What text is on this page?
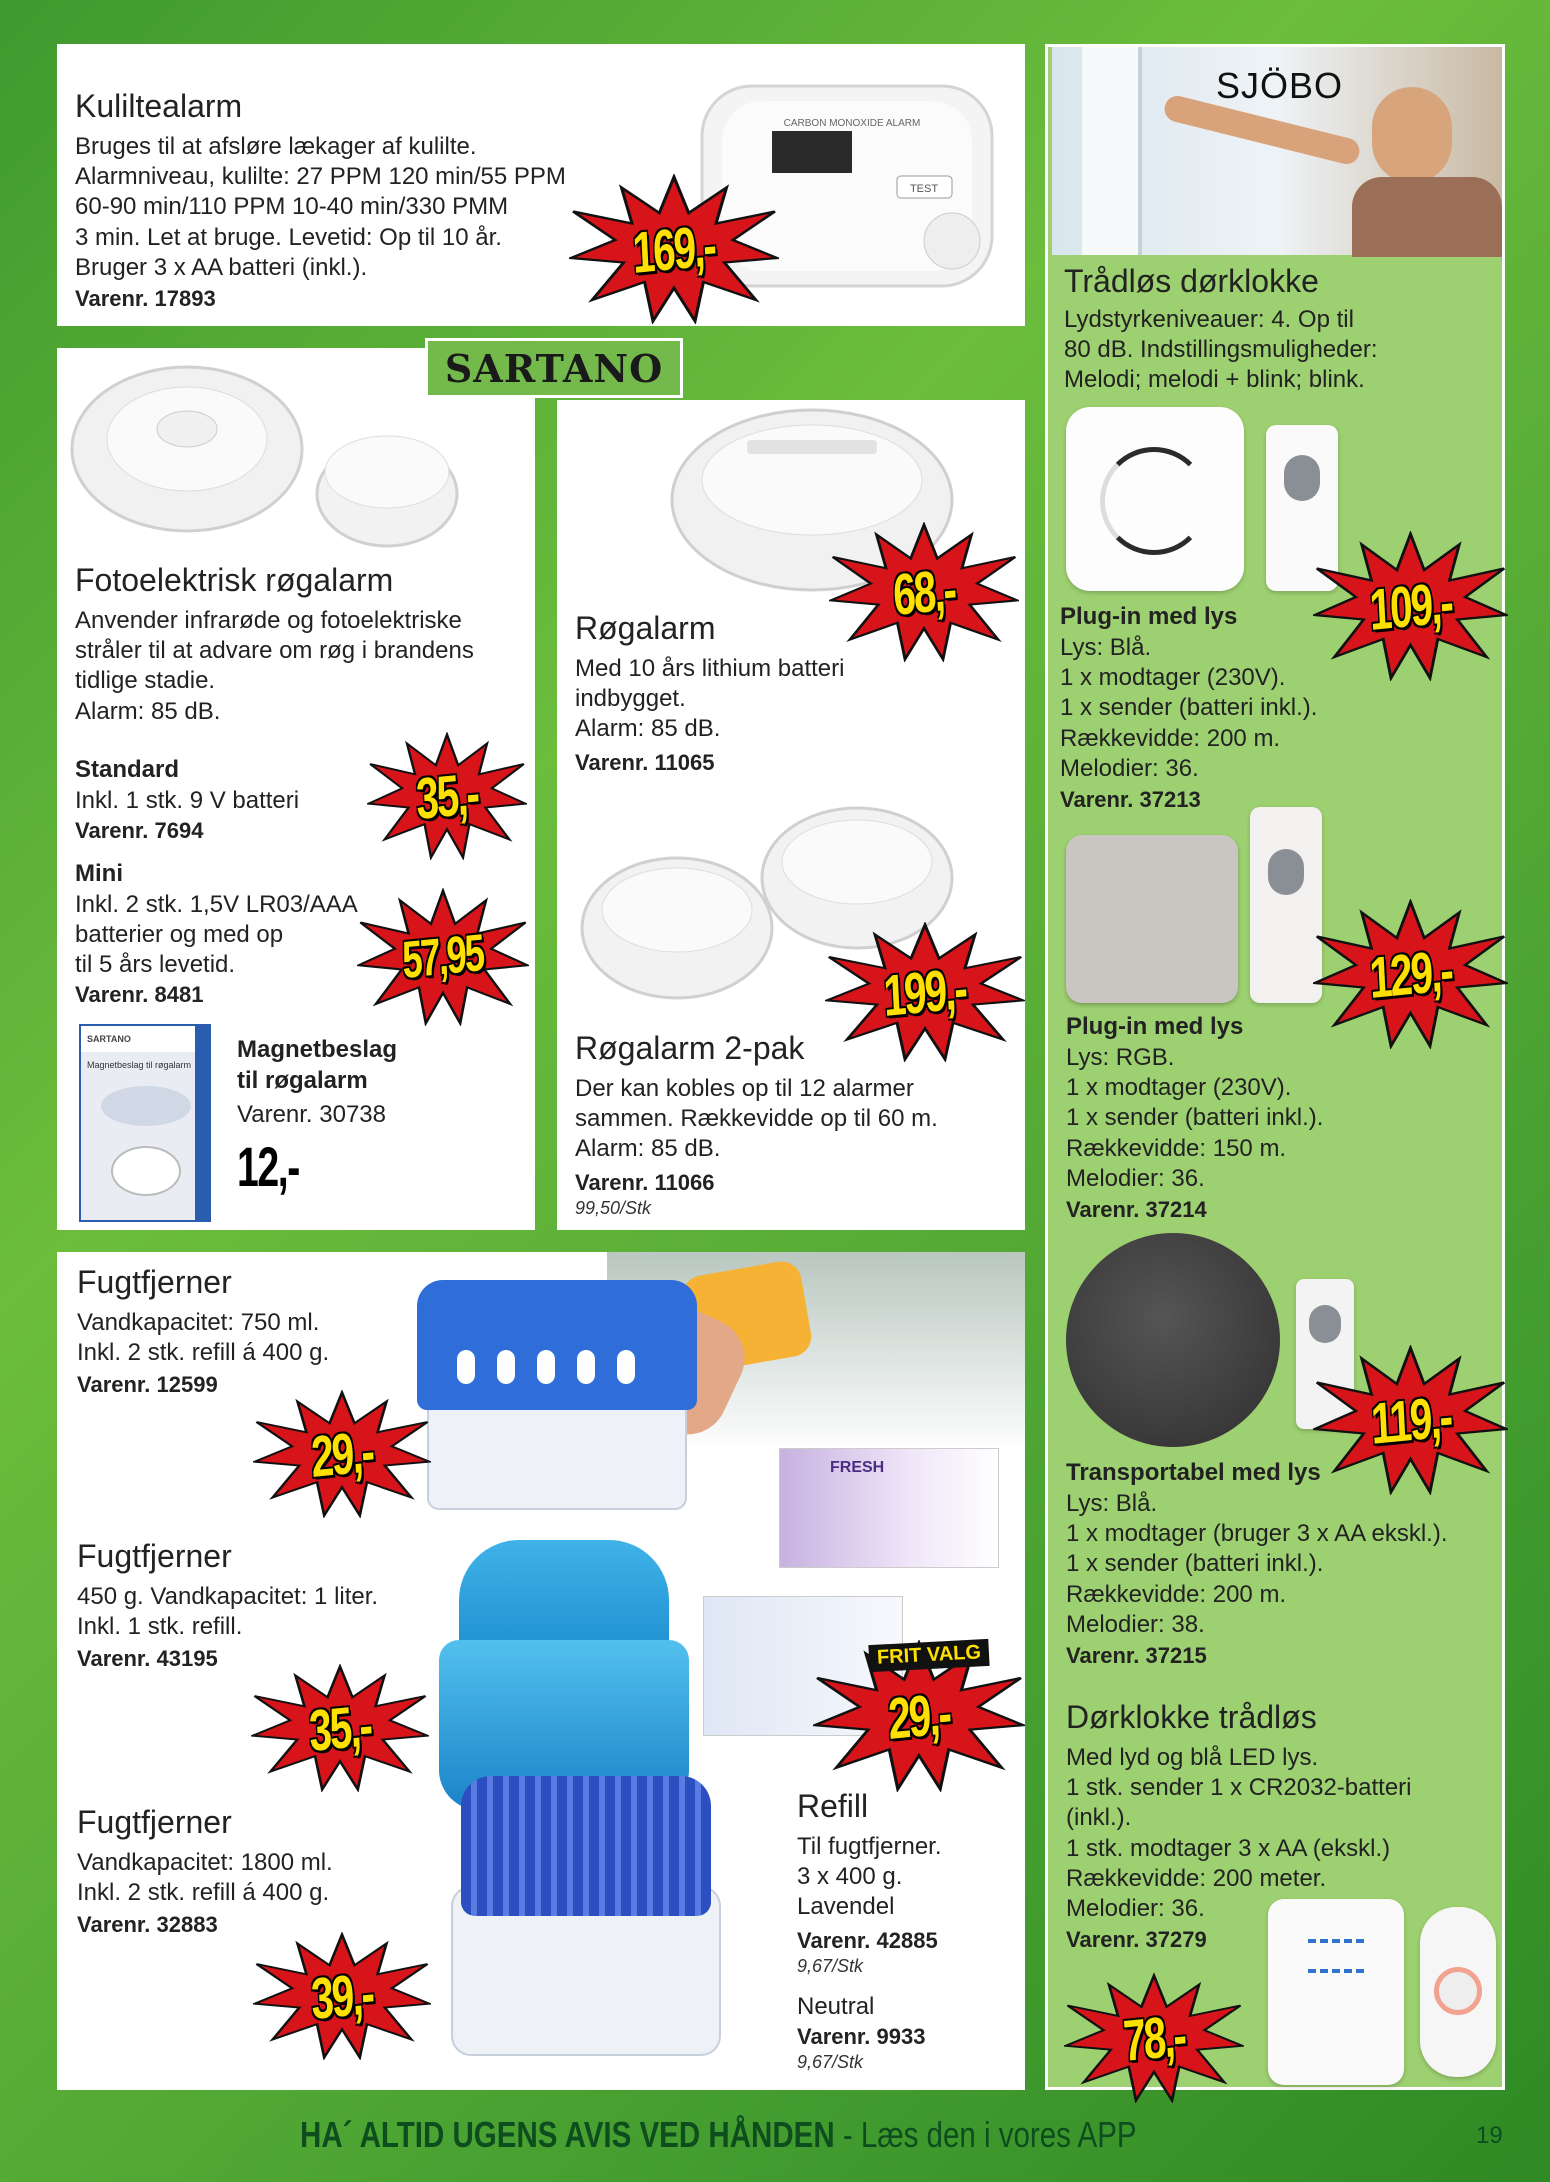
Kuliltealarm
Bruges til at afsløre lækager af kulilte.
Alarmniveau, kulilte: 27 PPM 120 min/55 PPM
60-90 min/110 PPM 10-40 min/330 PMM
3 min. Let at bruge. Levetid: Op til 10 år.
Bruger 3 x AA batteri (inkl.).
Varenr. 17893
TEST
CARBON MONOXIDE ALARM
169,-
Fotoelektrisk røgalarm
Anvender infrarøde og fotoelektriske
stråler til at advare om røg i brandens
tidlige stadie.
Alarm: 85 dB.
Standard
Inkl. 1 stk. 9 V batteri
Varenr. 7694	35,-
Mini
Inkl. 2 stk. 1,5V LR03/AAA
batterier og med op
til 5 års levetid.
Varenr. 8481
57,95
SARTANO
Magnetbeslag til røgalarm
Magnetbeslag
til røgalarm
Varenr. 30738
12,-
SARTANO
68,-
Røgalarm
Med 10 års lithium batteri
indbygget.
Alarm: 85 dB.
Varenr. 11065
199,-
Røgalarm 2-pak
Der kan kobles op til 12 alarmer
sammen. Rækkevidde op til 60 m.
Alarm: 85 dB.
Varenr. 11066
99,50/Stk
SJÖBO
Trådløs dørklokke
Lydstyrkeniveauer: 4. Op til
80 dB. Indstillingsmuligheder:
Melodi; melodi + blink; blink.
109,-
Plug-in med lys
Lys: Blå.
1 x modtager (230V).
1 x sender (batteri inkl.).
Rækkevidde: 200 m.
Melodier: 36.
Varenr. 37213
129,-
Plug-in med lys
Lys: RGB.
1 x modtager (230V).
1 x sender (batteri inkl.).
Rækkevidde: 150 m.
Melodier: 36.
Varenr. 37214
119,-
Transportabel med lys
Lys: Blå.
1 x modtager (bruger 3 x AA ekskl.).
1 x sender (batteri inkl.).
Rækkevidde: 200 m.
Melodier: 38.
Varenr. 37215
Dørklokke trådløs
Med lyd og blå LED lys.
1 stk. sender 1 x CR2032-batteri
(inkl.).
1 stk. modtager 3 x AA (ekskl.)
Rækkevidde: 200 meter.
Melodier: 36.
Varenr. 37279
78,-
Fugtfjerner
Vandkapacitet: 750 ml.
Inkl. 2 stk. refill á 400 g.
Varenr. 12599
29,-	FRESH
Fugtfjerner
450 g. Vandkapacitet: 1 liter.
Inkl. 1 stk. refill.
Varenr. 43195
35,-	29,-
FRIT VALG
Fugtfjerner
Vandkapacitet: 1800 ml.
Inkl. 2 stk. refill á 400 g.
Varenr. 32883
39,-
Refill
Til fugtfjerner.
3 x 400 g.
Lavendel
Varenr. 42885
9,67/Stk
Neutral
Varenr. 9933
9,67/Stk
HA´ ALTID UGENS AVIS VED HÅNDEN - Læs den i vores APP	19
